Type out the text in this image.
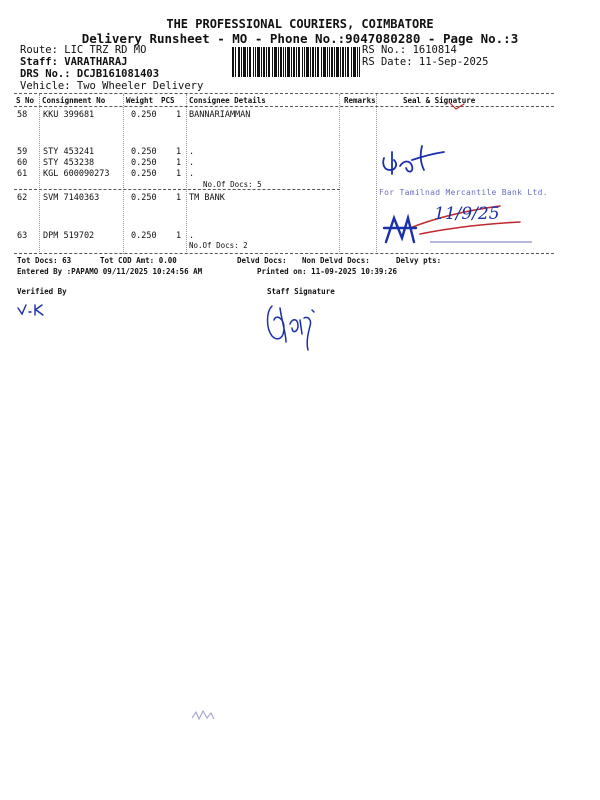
THE PROFESSIONAL COURIERS, COIMBATORE
Delivery Runsheet - MO - Phone No.:9047080280 - Page No.:3
Route: LIC TRZ RD MO
Staff: VARATHARAJ
DRS No.: DCJB161081403
Vehicle: Two Wheeler Delivery
RS No.: 1610814
RS Date: 11-Sep-2025
S No Consignment No	Weight PCS Consignee Details	Remarks	Seal & Signature
58 KKU 399681	0.250 1 BANNARIAMMAN
59 STY 453241	0.250 1 .
60 STY 453238	0.250 1 .
61 KGL 600090273	0.250 1 .
No.Of Docs: 5
62 SVM 7140363	0.250 1 TM BANK
63 DPM 519702	0.250 1 .
No.Of Docs: 2
Tot Docs: 63	Tot COD Amt: 0.00	Delvd Docs: Non Delvd Docs:	Delvy pts:
Entered By :PAPAMO 09/11/2025 10:24:56 AM	Printed on: 11-09-2025 10:39:26
Verified By	Staff Signature
For Tamilnad Mercantile Bank Ltd.
11/9/25
